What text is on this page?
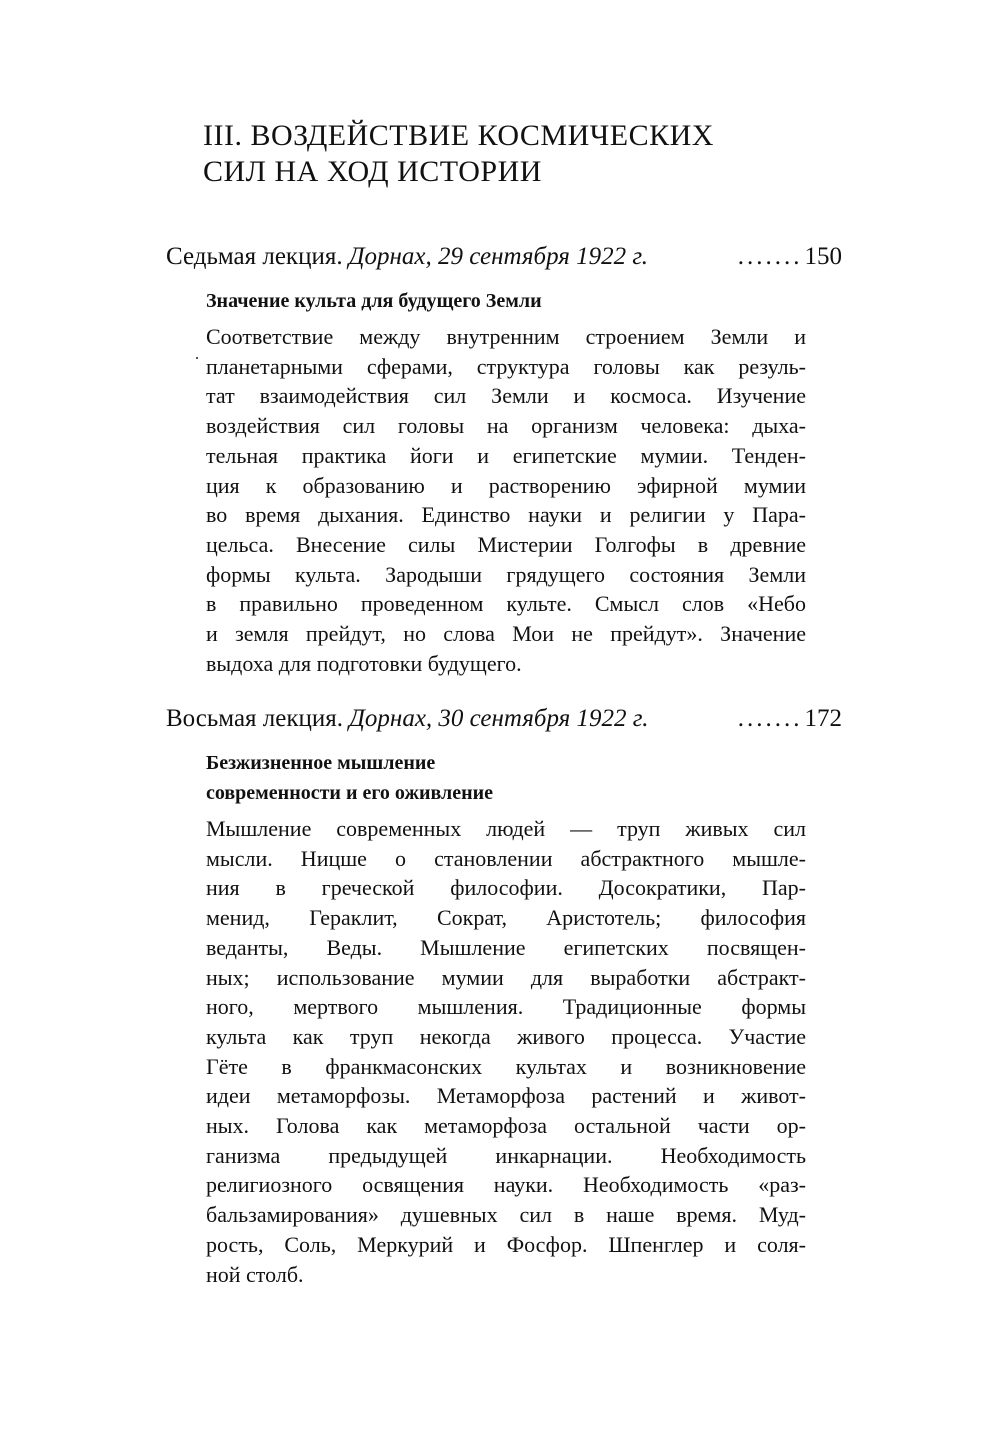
III. ВОЗДЕЙСТВИЕ КОСМИЧЕСКИХ
СИЛ НА ХОД ИСТОРИИ
Седьмая лекция. Дорнах, 29 сентября 1922 г.	....... 150
Значение культа для будущего Земли
Соответствие между внутренним строением Земли и
планетарными сферами, структура головы как резуль-
тат взаимодействия сил Земли и космоса. Изучение
воздействия сил головы на организм человека: дыха-
тельная практика йоги и египетские мумии. Тенден-
ция к образованию и растворению эфирной мумии
во время дыхания. Единство науки и религии у Пара-
цельса. Внесение силы Мистерии Голгофы в древние
формы культа. Зародыши грядущего состояния Земли
в правильно проведенном культе. Смысл слов «Небо
и земля прейдут, но слова Мои не прейдут». Значение
выдоха для подготовки будущего.
Восьмая лекция. Дорнах, 30 сентября 1922 г.	....... 172
Безжизненное мышление
современности и его оживление
Мышление современных людей — труп живых сил
мысли. Ницше о становлении абстрактного мышле-
ния в греческой философии. Досократики, Пар-
менид, Гераклит, Сократ, Аристотель; философия
веданты, Веды. Мышление египетских посвящен-
ных; использование мумии для выработки абстракт-
ного, мертвого мышления. Традиционные формы
культа как труп некогда живого процесса. Участие
Гёте в франкмасонских культах и возникновение
идеи метаморфозы. Метаморфоза растений и живот-
ных. Голова как метаморфоза остальной части ор-
ганизма предыдущей инкарнации. Необходимость
религиозного освящения науки. Необходимость «раз-
бальзамирования» душевных сил в наше время. Муд-
рость, Соль, Меркурий и Фосфор. Шпенглер и соля-
ной столб.
